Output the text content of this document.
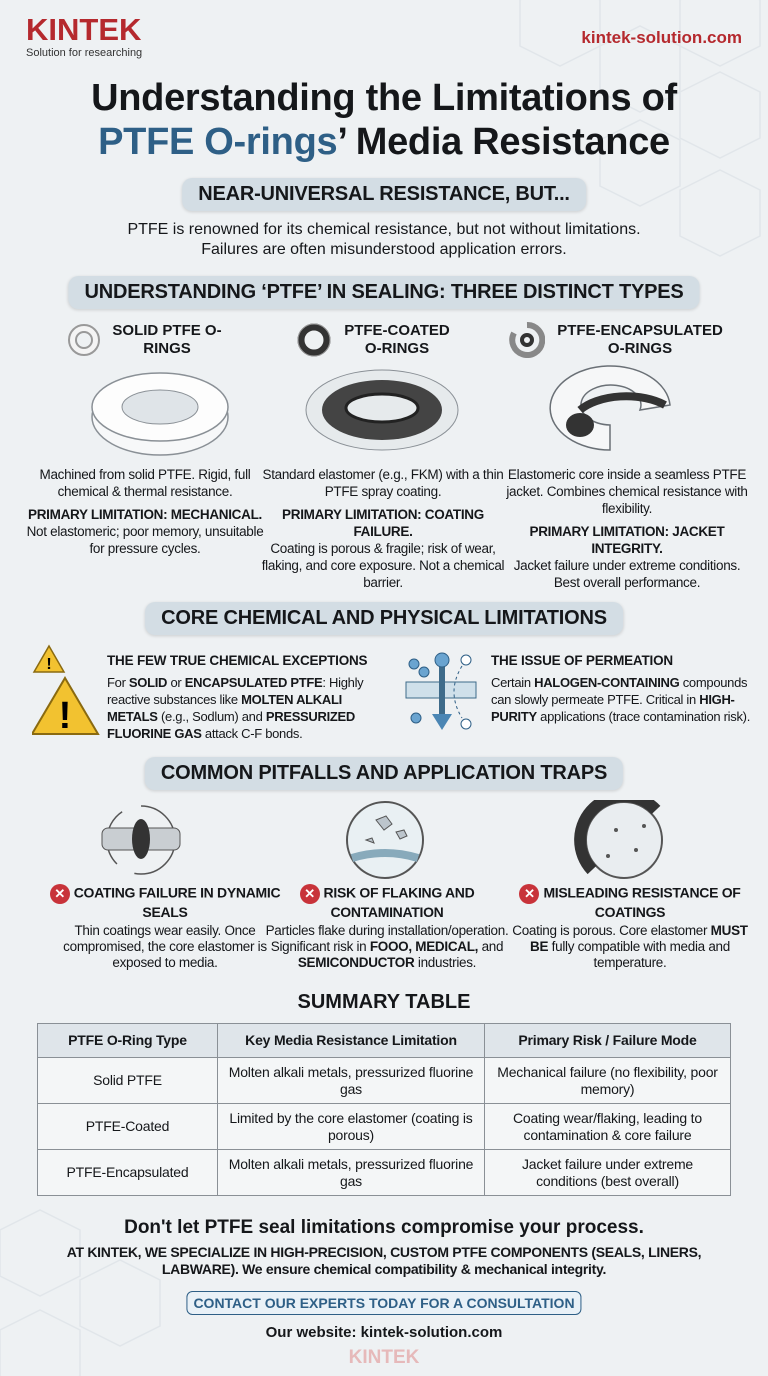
KINTEK
Solution for researching
kintek-solution.com
Understanding the Limitations of
PTFE O-rings’ Media Resistance
NEAR-UNIVERSAL RESISTANCE, BUT...
PTFE is renowned for its chemical resistance, but not without limitations.
Failures are often misunderstood application errors.
UNDERSTANDING ‘PTFE’ IN SEALING: THREE DISTINCT TYPES
SOLID PTFE O-RINGS
PTFE-COATED O-RINGS
PTFE-ENCAPSULATED O-RINGS
Machined from solid PTFE. Rigid, full chemical & thermal resistance.
PRIMARY LIMITATION: MECHANICAL.
Not elastomeric; poor memory, unsuitable for pressure cycles.
Standard elastomer (e.g., FKM) with a thin PTFE spray coating.
PRIMARY LIMITATION: COATING FAILURE.
Coating is porous & fragile; risk of wear, flaking, and core exposure. Not a chemical barrier.
Elastomeric core inside a seamless PTFE jacket. Combines chemical resistance with flexibility.
PRIMARY LIMITATION: JACKET INTEGRITY.
Jacket failure under extreme conditions. Best overall performance.
CORE CHEMICAL AND PHYSICAL LIMITATIONS
!
!
THE FEW TRUE CHEMICAL EXCEPTIONS

For SOLID or ENCAPSULATED PTFE: Highly reactive substances like MOLTEN ALKALI METALS (e.g., Sodlum) and PRESSURIZED FLUORINE GAS attack C-F bonds.

THE ISSUE OF PERMEATION

Certain HALOGEN-CONTAINING compounds can slowly permeate PTFE. Critical in HIGH-PURITY applications (trace contamination risk).

COMMON PITFALLS AND APPLICATION TRAPS
✕ COATING FAILURE IN DYNAMIC SEALS

Thin coatings wear easily. Once compromised, the core elastomer is exposed to media.

✕ RISK OF FLAKING AND CONTAMINATION

Particles flake during installation/operation. Significant risk in FOOO, MEDICAL, and SEMICONDUCTOR industries.

✕ MISLEADING RESISTANCE OF COATINGS

Coating is porous. Core elastomer MUST BE fully compatible with media and temperature.

SUMMARY TABLE
PTFE O-Ring Type	Key Media Resistance Limitation	Primary Risk / Failure Mode
Solid PTFE	Molten alkali metals, pressurized fluorine gas	Mechanical failure (no flexibility, poor memory)
PTFE-Coated	Limited by the core elastomer (coating is porous)	Coating wear/flaking, leading to contamination & core failure
PTFE-Encapsulated	Molten alkali metals, pressurized fluorine gas	Jacket failure under extreme conditions (best overall)
Don't let PTFE seal limitations compromise your process.
AT KINTEK, WE SPECIALIZE IN HIGH-PRECISION, CUSTOM PTFE COMPONENTS (SEALS, LINERS, LABWARE). We ensure chemical compatibility & mechanical integrity.
CONTACT OUR EXPERTS TODAY FOR A CONSULTATION
Our website: kintek-solution.com
KINTEK
